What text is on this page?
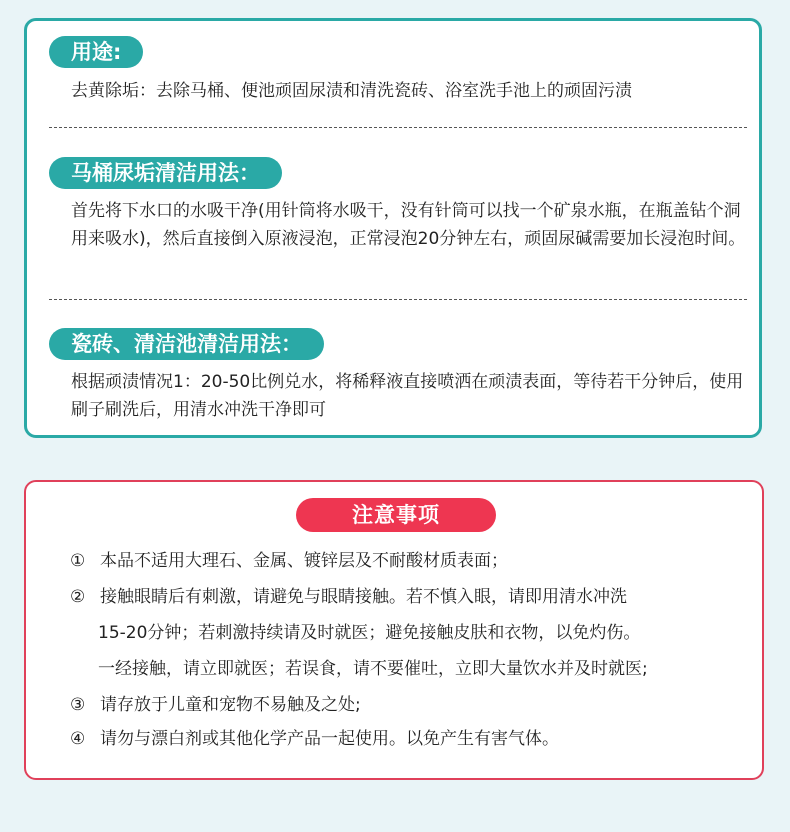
用途:
去黄除垢：去除马桶、便池顽固尿渍和清洗瓷砖、浴室洗手池上的顽固污渍
马桶尿垢清洁用法：
首先将下水口的水吸干净(用针筒将水吸干，没有针筒可以找一个矿泉水瓶，在瓶盖钻个洞用来吸水)，然后直接倒入原液浸泡，正常浸泡20分钟左右，顽固尿碱需要加长浸泡时间。
瓷砖、清洁池清洁用法：
根据顽渍情况1：20-50比例兑水，将稀释液直接喷洒在顽渍表面，等待若干分钟后，使用刷子刷洗后，用清水冲洗干净即可
注意事项
① 本品不适用大理石、金属、镀锌层及不耐酸材质表面；
② 接触眼睛后有刺激，请避免与眼睛接触。若不慎入眼，请即用清水冲洗
15-20分钟；若刺激持续请及时就医；避免接触皮肤和衣物，以免灼伤。
一经接触，请立即就医；若误食，请不要催吐，立即大量饮水并及时就医;
③ 请存放于儿童和宠物不易触及之处;
④ 请勿与漂白剂或其他化学产品一起使用。以免产生有害气体。
